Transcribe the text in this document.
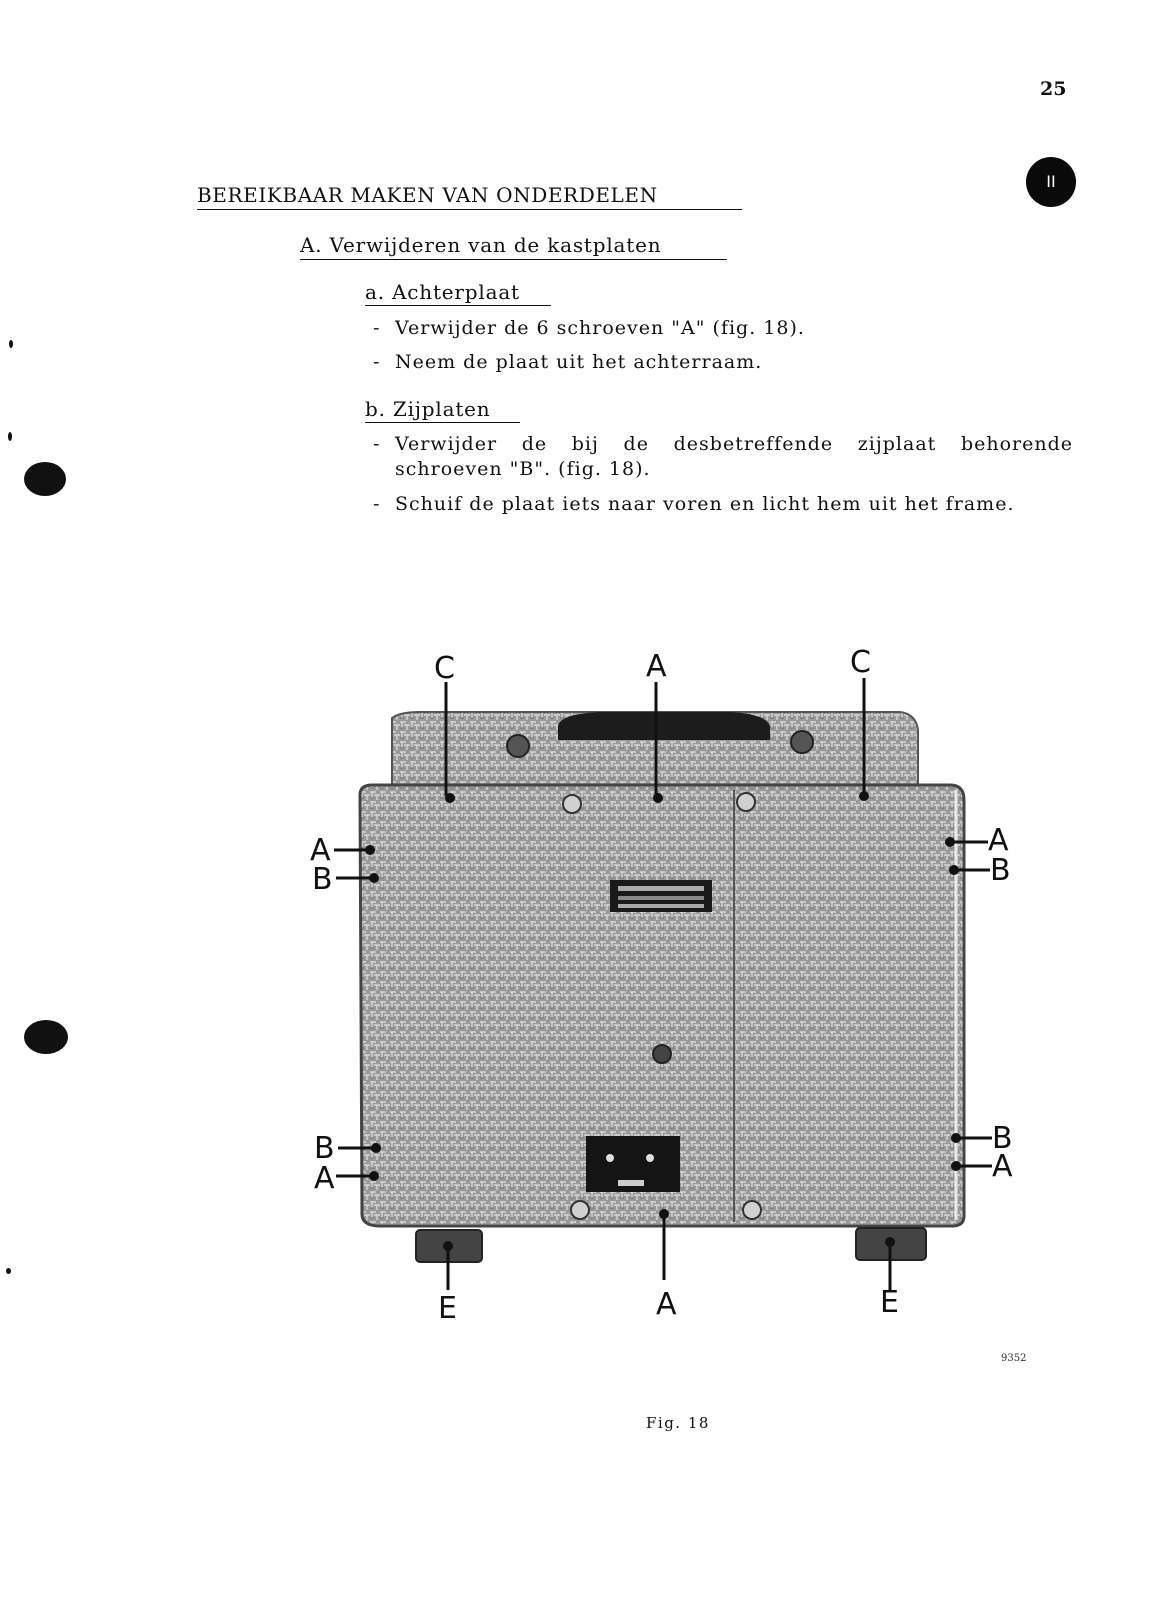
25
II
BEREIKBAAR MAKEN VAN ONDERDELEN
A. Verwijderen van de kastplaten
a. Achterplaat
- Verwijder de 6 schroeven "A" (fig. 18).
- Neem de plaat uit het achterraam.
b. Zijplaten
- Verwijder de bij de desbetreffende zijplaat behorende schroeven "B". (fig. 18).
- Schuif de plaat iets naar voren en licht hem uit het frame.
C	A	C
A
B
A
B
B
A
B
A
E	A	E
9352
Fig. 18
